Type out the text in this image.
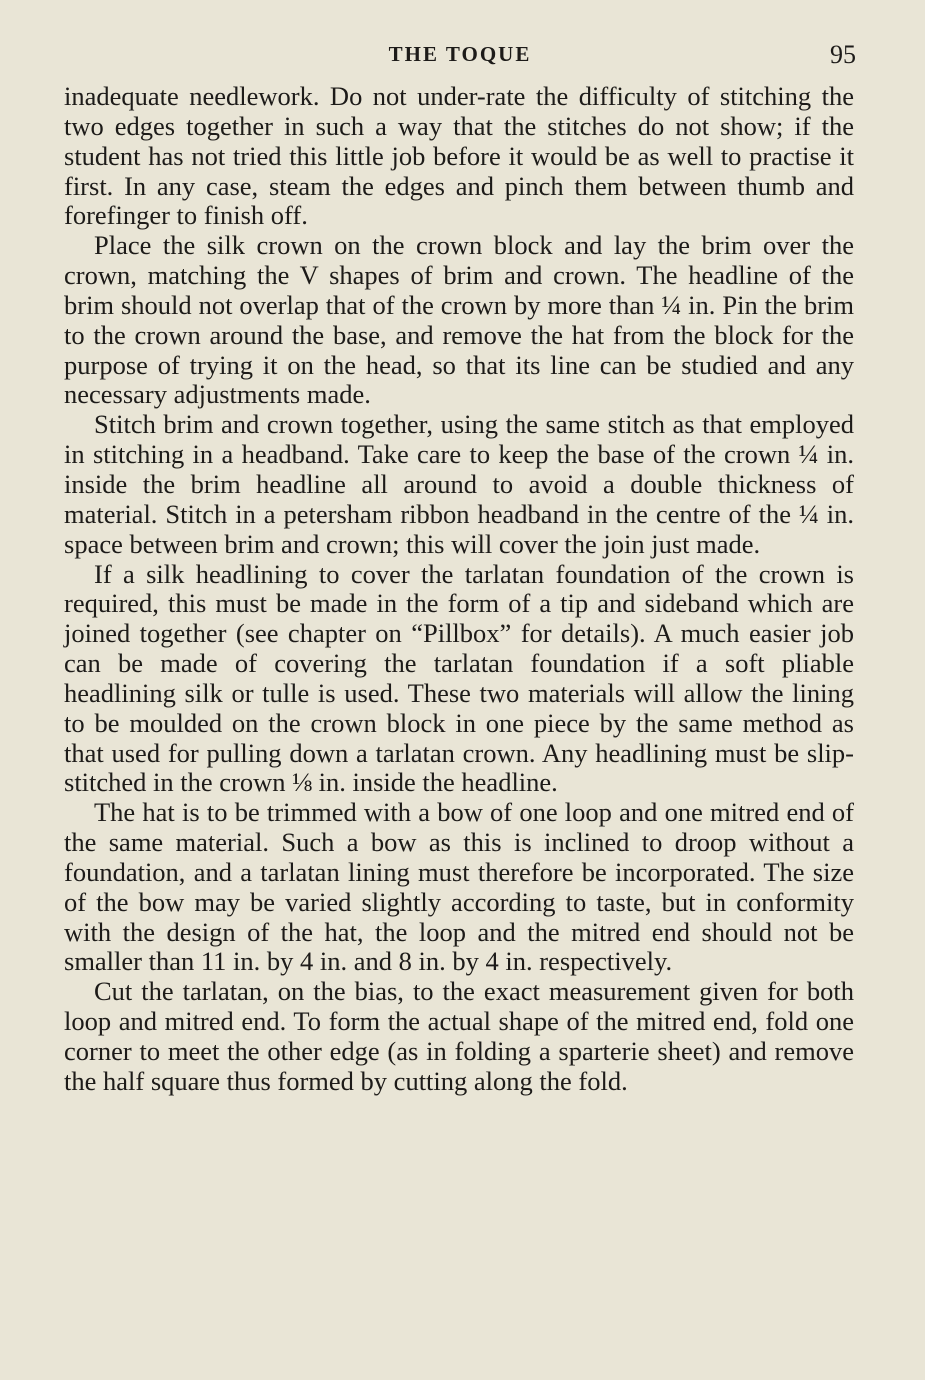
THE TOQUE	95

inadequate needlework. Do not under-rate the difficulty of stitching the two edges together in such a way that the stitches do not show; if the student has not tried this little job before it would be as well to practise it first. In any case, steam the edges and pinch them between thumb and forefinger to finish off.

Place the silk crown on the crown block and lay the brim over the crown, matching the V shapes of brim and crown. The headline of the brim should not overlap that of the crown by more than ¼ in. Pin the brim to the crown around the base, and remove the hat from the block for the purpose of trying it on the head, so that its line can be studied and any necessary adjustments made.

Stitch brim and crown together, using the same stitch as that employed in stitching in a headband. Take care to keep the base of the crown ¼ in. inside the brim headline all around to avoid a double thickness of material. Stitch in a petersham ribbon headband in the centre of the ¼ in. space between brim and crown; this will cover the join just made.

If a silk headlining to cover the tarlatan foundation of the crown is required, this must be made in the form of a tip and sideband which are joined together (see chapter on “Pillbox” for details). A much easier job can be made of covering the tarlatan foundation if a soft pliable headlining silk or tulle is used. These two materials will allow the lining to be moulded on the crown block in one piece by the same method as that used for pulling down a tarlatan crown. Any headlining must be slip-stitched in the crown ⅛ in. inside the headline.

The hat is to be trimmed with a bow of one loop and one mitred end of the same material. Such a bow as this is inclined to droop without a foundation, and a tarlatan lining must therefore be incorporated. The size of the bow may be varied slightly according to taste, but in conformity with the design of the hat, the loop and the mitred end should not be smaller than 11 in. by 4 in. and 8 in. by 4 in. respectively.

Cut the tarlatan, on the bias, to the exact measurement given for both loop and mitred end. To form the actual shape of the mitred end, fold one corner to meet the other edge (as in folding a sparterie sheet) and remove the half square thus formed by cutting along the fold.
